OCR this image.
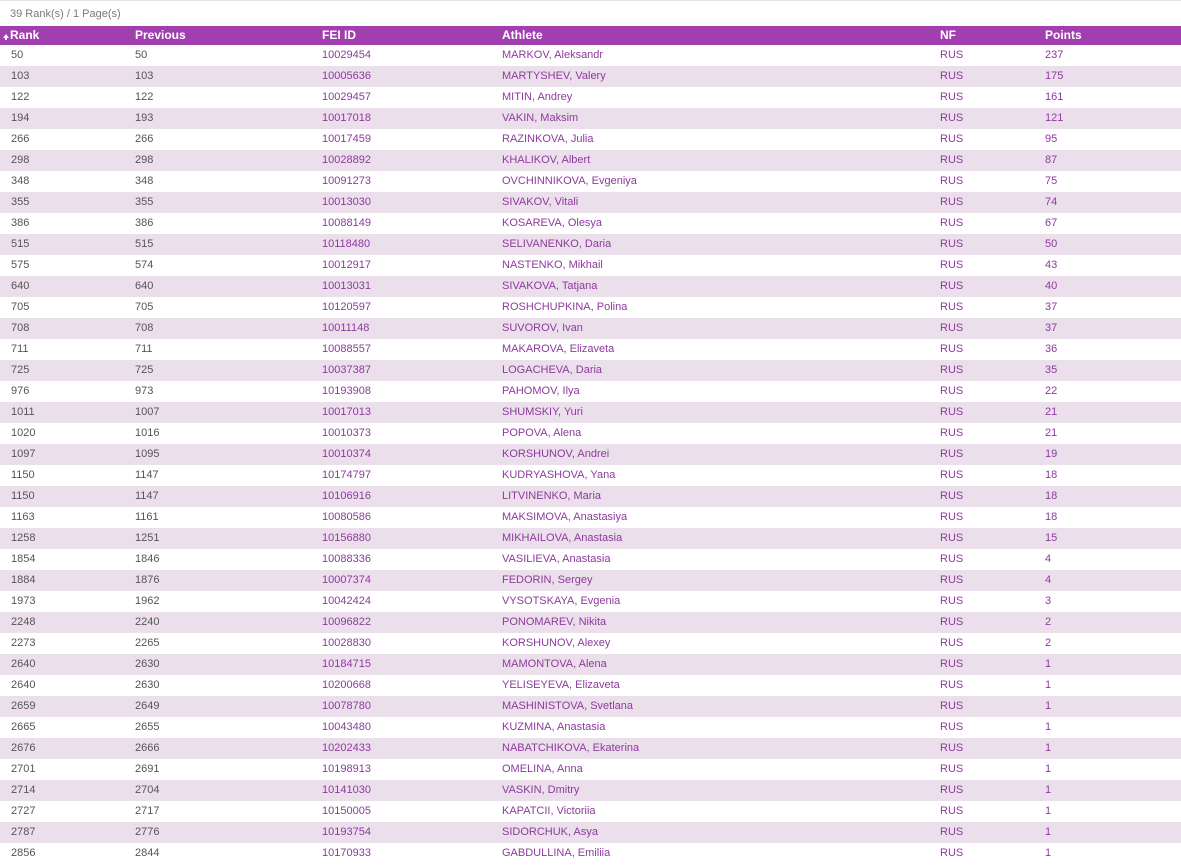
39 Rank(s) / 1 Page(s)
Rank	Previous	FEI ID	Athlete	NF	Points
50	50	10029454	MARKOV, Aleksandr	RUS	237
103	103	10005636	MARTYSHEV, Valery	RUS	175
122	122	10029457	MITIN, Andrey	RUS	161
194	193	10017018	VAKIN, Maksim	RUS	121
266	266	10017459	RAZINKOVA, Julia	RUS	95
298	298	10028892	KHALIKOV, Albert	RUS	87
348	348	10091273	OVCHINNIKOVA, Evgeniya	RUS	75
355	355	10013030	SIVAKOV, Vitali	RUS	74
386	386	10088149	KOSAREVA, Olesya	RUS	67
515	515	10118480	SELIVANENKO, Daria	RUS	50
575	574	10012917	NASTENKO, Mikhail	RUS	43
640	640	10013031	SIVAKOVA, Tatjana	RUS	40
705	705	10120597	ROSHCHUPKINA, Polina	RUS	37
708	708	10011148	SUVOROV, Ivan	RUS	37
711	711	10088557	MAKAROVA, Elizaveta	RUS	36
725	725	10037387	LOGACHEVA, Daria	RUS	35
976	973	10193908	PAHOMOV, Ilya	RUS	22
1011	1007	10017013	SHUMSKIY, Yuri	RUS	21
1020	1016	10010373	POPOVA, Alena	RUS	21
1097	1095	10010374	KORSHUNOV, Andrei	RUS	19
1150	1147	10174797	KUDRYASHOVA, Yana	RUS	18
1150	1147	10106916	LITVINENKO, Maria	RUS	18
1163	1161	10080586	MAKSIMOVA, Anastasiya	RUS	18
1258	1251	10156880	MIKHAILOVA, Anastasia	RUS	15
1854	1846	10088336	VASILIEVA, Anastasia	RUS	4
1884	1876	10007374	FEDORIN, Sergey	RUS	4
1973	1962	10042424	VYSOTSKAYA, Evgenia	RUS	3
2248	2240	10096822	PONOMAREV, Nikita	RUS	2
2273	2265	10028830	KORSHUNOV, Alexey	RUS	2
2640	2630	10184715	MAMONTOVA, Alena	RUS	1
2640	2630	10200668	YELISEYEVA, Elizaveta	RUS	1
2659	2649	10078780	MASHINISTOVA, Svetlana	RUS	1
2665	2655	10043480	KUZMINA, Anastasia	RUS	1
2676	2666	10202433	NABATCHIKOVA, Ekaterina	RUS	1
2701	2691	10198913	OMELINA, Anna	RUS	1
2714	2704	10141030	VASKIN, Dmitry	RUS	1
2727	2717	10150005	KAPATCII, Victoriia	RUS	1
2787	2776	10193754	SIDORCHUK, Asya	RUS	1
2856	2844	10170933	GABDULLINA, Emiliia	RUS	1
